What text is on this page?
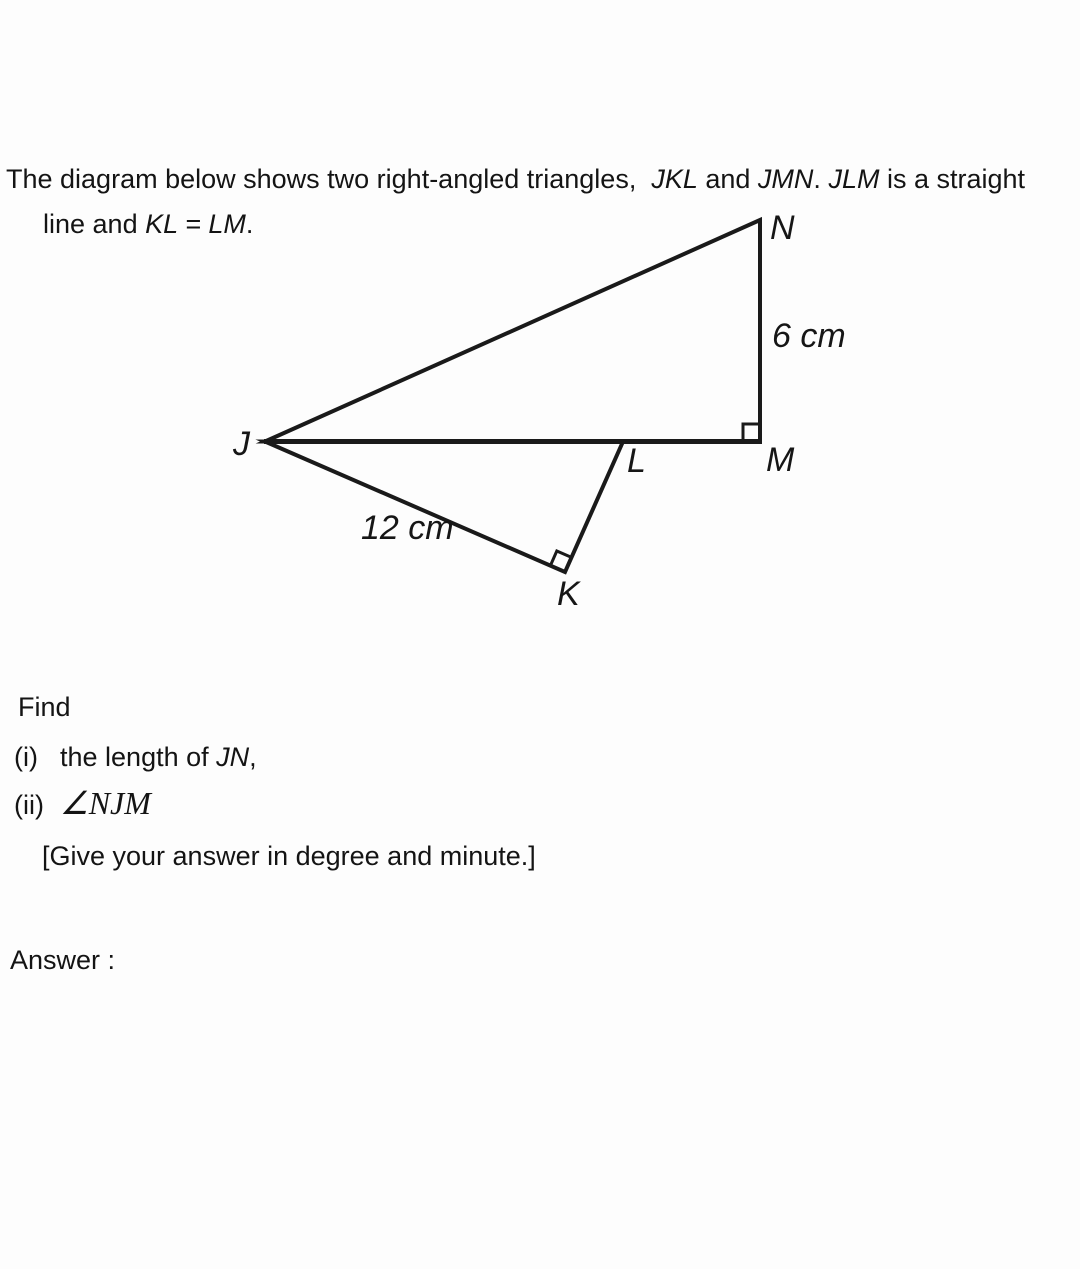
The diagram below shows two right-angled triangles,  JKL and JMN. JLM is a straight

line and KL = LM.	N
J	L	M
K
6 cm
12 cm

Find

(i) the length of JN,

(ii) ∠NJM

[Give your answer in degree and minute.]

Answer :
